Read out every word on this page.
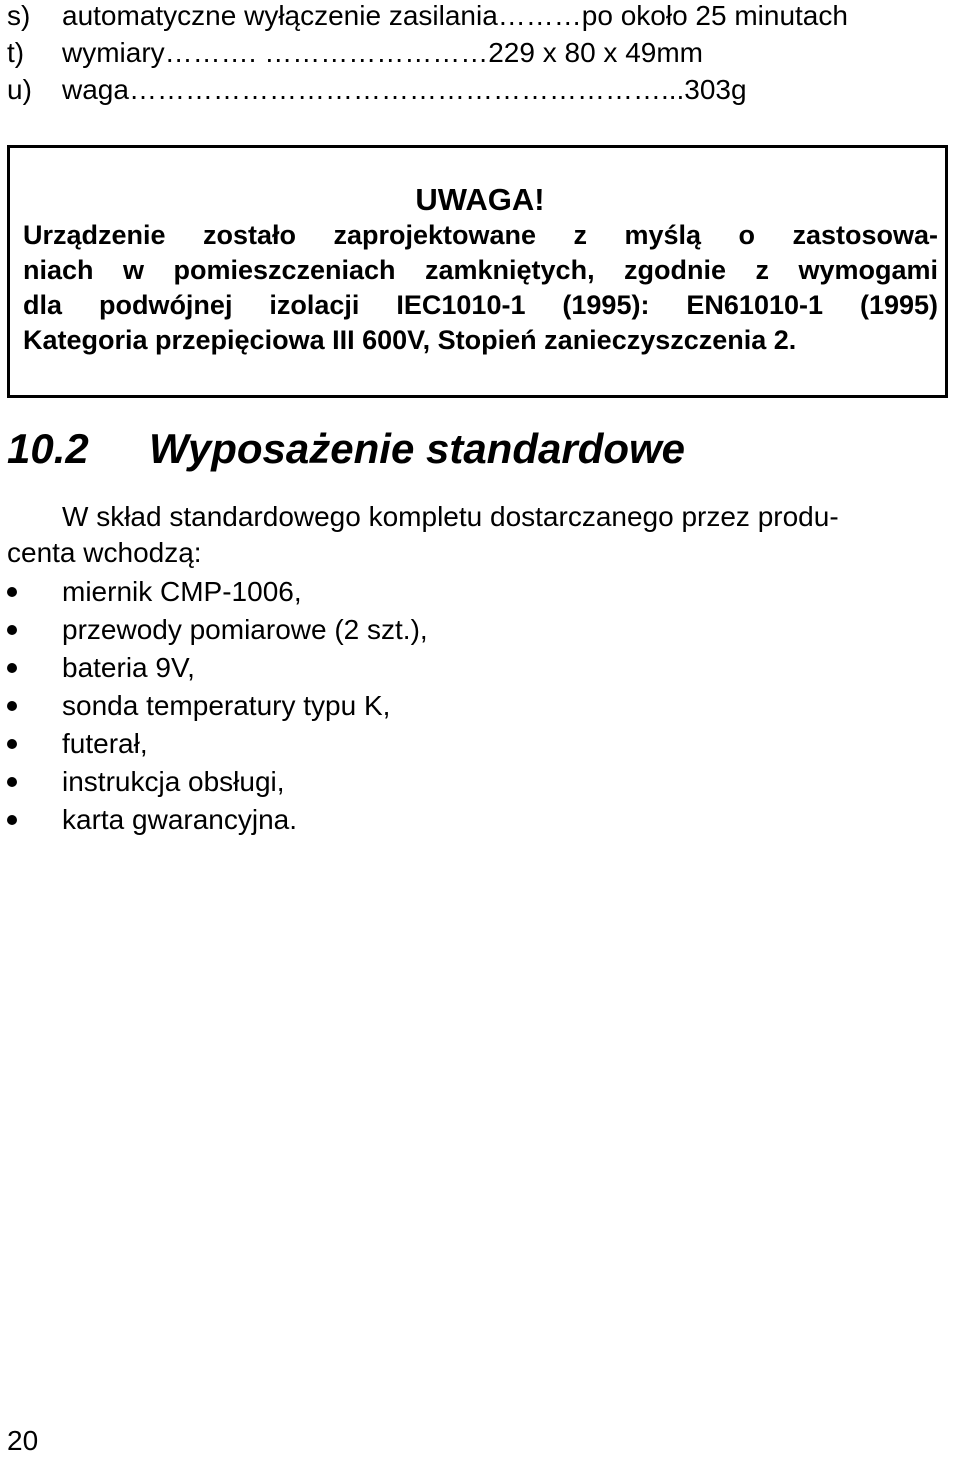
s) automatyczne wyłączenie zasilania………po około 25 minutach
t) wymiary………. ……………………229 x 80 x 49mm
u) waga…………………………………………………...303g
UWAGA!
Urządzenie zostało zaprojektowane z myślą o zastosowa-
niach w pomieszczeniach zamkniętych, zgodnie z wymogami
dla podwójnej izolacji IEC1010-1 (1995): EN61010-1 (1995)
Kategoria przepięciowa III 600V, Stopień zanieczyszczenia 2.
10.2 Wyposażenie standardowe
W skład standardowego kompletu dostarczanego przez produ-
centa wchodzą:
miernik CMP-1006,
przewody pomiarowe (2 szt.),
bateria 9V,
sonda temperatury typu K,
futerał,
instrukcja obsługi,
karta gwarancyjna.
20
